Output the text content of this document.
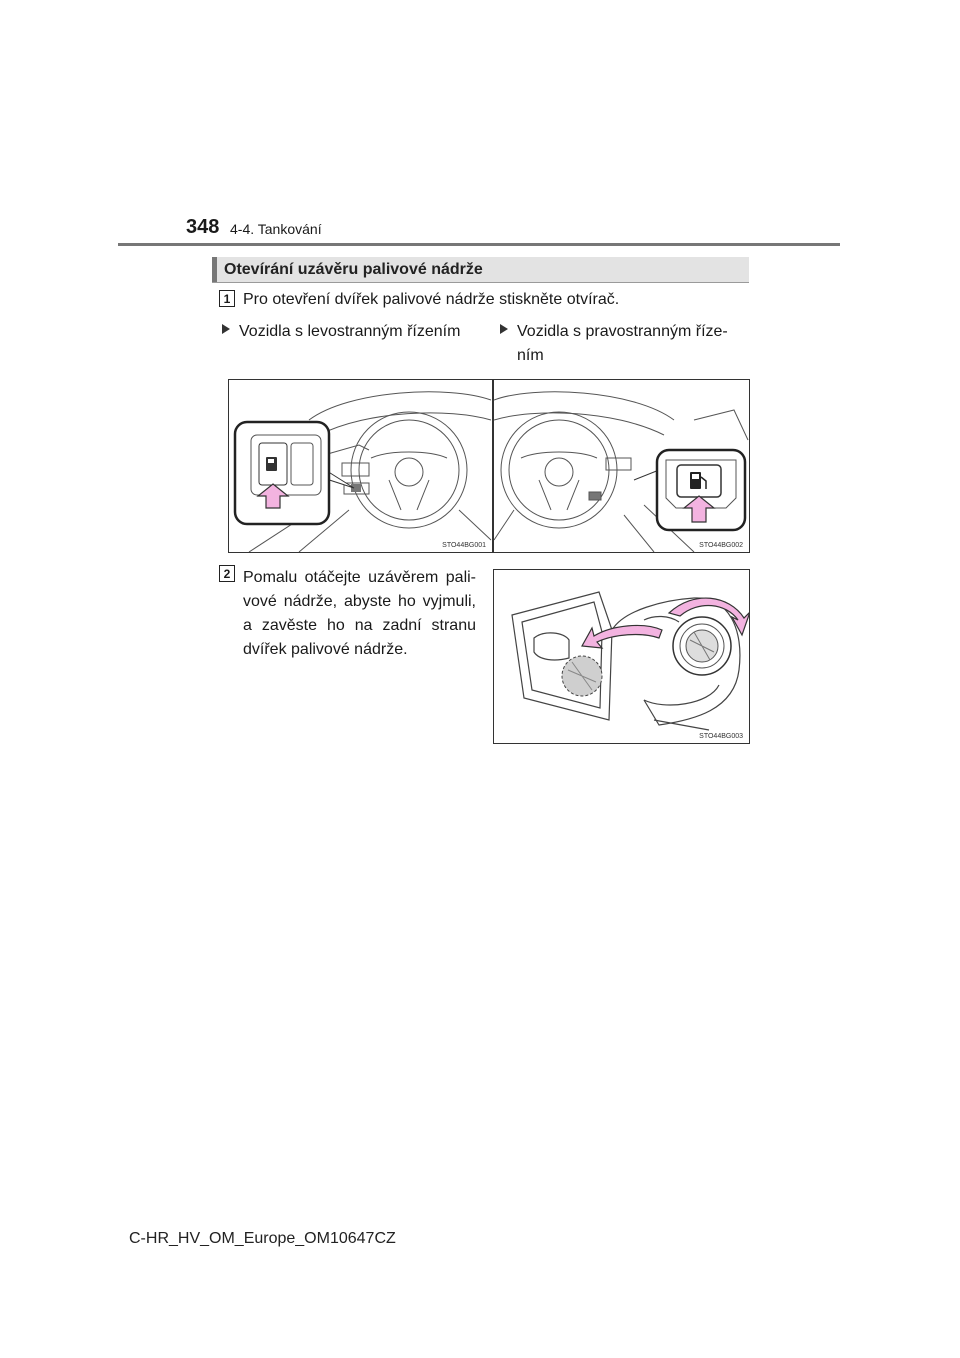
348 4-4. Tankování
Otevírání uzávěru palivové nádrže
1 Pro otevření dvířek palivové nádrže stiskněte otvírač.
Vozidla s levostranným řízením	Vozidla s pravostranným říze-
ním
STO44BG001	STO44BG002
2 Pomalu otáčejte uzávěrem pali-vové nádrže, abyste ho vyjmuli, a zavěste ho na zadní stranu dvířek palivové nádrže.
STO44BG003
C-HR_HV_OM_Europe_OM10647CZ
